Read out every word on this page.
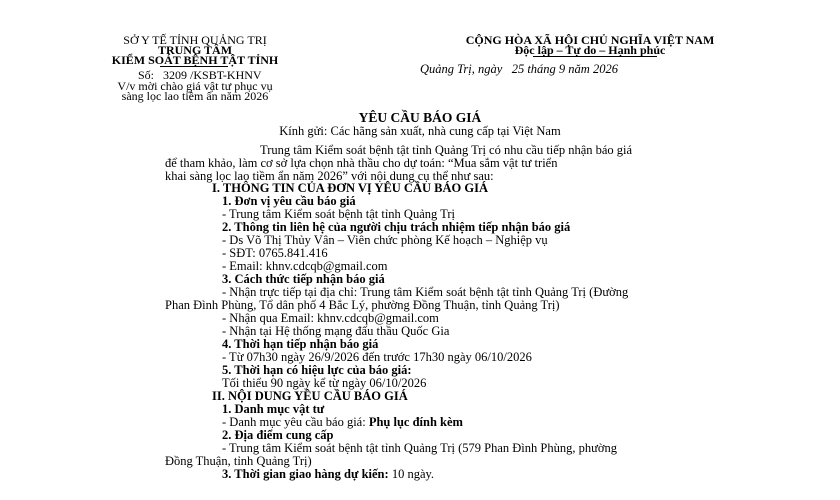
SỞ Y TẾ TỈNH QUẢNG TRỊ
TRUNG TÂM
KIỂM SOÁT BỆNH TẬT TỈNH
Số: 3209 /KSBT-KHNV
V/v mời chào giá vật tư phục vụ
sàng lọc lao tiềm ẩn năm 2026
CỘNG HÒA XÃ HỘI CHỦ NGHĨA VIỆT NAM
Độc lập – Tự do – Hạnh phúc
Quảng Trị, ngày 25 tháng 9 năm 2026
YÊU CẦU BÁO GIÁ
Kính gửi: Các hãng sản xuất, nhà cung cấp tại Việt Nam
Trung tâm Kiểm soát bệnh tật tỉnh Quảng Trị có nhu cầu tiếp nhận báo giá
để tham khảo, làm cơ sở lựa chọn nhà thầu cho dự toán: “Mua sắm vật tư triển
khai sàng lọc lao tiềm ẩn năm 2026” với nội dung cụ thể như sau:
I. THÔNG TIN CỦA ĐƠN VỊ YÊU CẦU BÁO GIÁ
1. Đơn vị yêu cầu báo giá
- Trung tâm Kiểm soát bệnh tật tỉnh Quảng Trị
2. Thông tin liên hệ của người chịu trách nhiệm tiếp nhận báo giá
- Ds Võ Thị Thủy Vân – Viên chức phòng Kế hoạch – Nghiệp vụ
- SĐT: 0765.841.416
- Email: khnv.cdcqb@gmail.com
3. Cách thức tiếp nhận báo giá
- Nhận trực tiếp tại địa chỉ: Trung tâm Kiểm soát bệnh tật tỉnh Quảng Trị (Đường
Phan Đình Phùng, Tổ dân phố 4 Bắc Lý, phường Đồng Thuận, tỉnh Quảng Trị)
- Nhận qua Email: khnv.cdcqb@gmail.com
- Nhận tại Hệ thống mạng đấu thầu Quốc Gia
4. Thời hạn tiếp nhận báo giá
- Từ 07h30 ngày 26/9/2026 đến trước 17h30 ngày 06/10/2026
5. Thời hạn có hiệu lực của báo giá:
Tối thiểu 90 ngày kể từ ngày 06/10/2026
II. NỘI DUNG YÊU CẦU BÁO GIÁ
1. Danh mục vật tư
- Danh mục yêu cầu báo giá: Phụ lục đính kèm
2. Địa điểm cung cấp
- Trung tâm Kiểm soát bệnh tật tỉnh Quảng Trị (579 Phan Đình Phùng, phường
Đồng Thuận, tỉnh Quảng Trị)
3. Thời gian giao hàng dự kiến: 10 ngày.
